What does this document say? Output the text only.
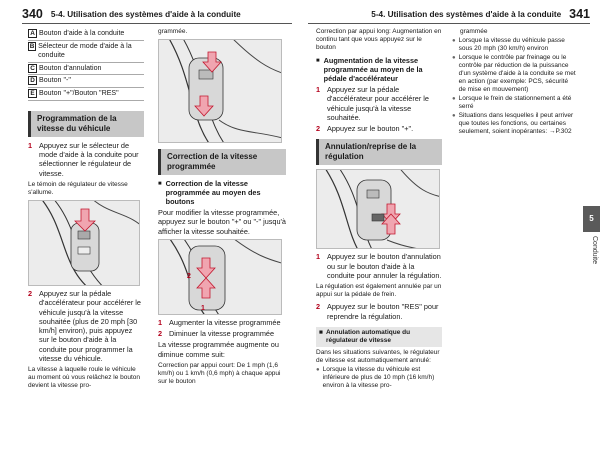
340 5-4. Utilisation des systèmes d'aide à la conduite
A Bouton d'aide à la conduite
B Sélecteur de mode d'aide à la conduite
C Bouton d'annulation
D Bouton "-"
E Bouton "+"/Bouton "RES"
Programmation de la vitesse du véhicule
1 Appuyez sur le sélecteur de mode d'aide à la conduite pour sélectionner le régulateur de vitesse.
Le témoin de régulateur de vitesse s'allume.
2 Appuyez sur la pédale d'accélérateur pour accélérer le véhicule jusqu'à la vitesse souhaitée (plus de 20 mph [30 km/h] environ), puis appuyez sur le bouton d'aide à la conduite pour programmer la vitesse du véhicule.
La vitesse à laquelle roule le véhicule au moment où vous relâchez le bouton devient la vitesse pro-
grammée.
Correction de la vitesse programmée
■ Correction de la vitesse programmée au moyen des boutons
Pour modifier la vitesse programmée, appuyez sur le bouton "+" ou "-" jusqu'à afficher la vitesse souhaitée.
1
2
1 Augmenter la vitesse programmée
2 Diminuer la vitesse programmée
La vitesse programmée augmente ou diminue comme suit:
Correction par appui court: De 1 mph (1,6 km/h) ou 1 km/h (0,6 mph) à chaque appui sur le bouton
5-4. Utilisation des systèmes d'aide à la conduite 341
Correction par appui long: Augmentation en continu tant que vous appuyez sur le bouton
■ Augmentation de la vitesse programmée au moyen de la pédale d'accélérateur
1 Appuyez sur la pédale d'accélérateur pour accélérer le véhicule jusqu'à la vitesse souhaitée.
2 Appuyez sur le bouton "+".
Annulation/reprise de la régulation
1 Appuyez sur le bouton d'annulation ou sur le bouton d'aide à la conduite pour annuler la régulation.
La régulation est également annulée par un appui sur la pédale de frein.
2 Appuyez sur le bouton "RES" pour reprendre la régulation.
■ Annulation automatique du régulateur de vitesse
Dans les situations suivantes, le régulateur de vitesse est automatiquement annulé:
● Lorsque la vitesse du véhicule est inférieure de plus de 10 mph (16 km/h) environ à la vitesse pro-
grammée
● Lorsque la vitesse du véhicule passe sous 20 mph (30 km/h) environ
● Lorsque le contrôle par freinage ou le contrôle par réduction de la puissance d'un système d'aide à la conduite se met en action (par exemple: PCS, sécurité de mise en mouvement)
● Lorsque le frein de stationnement a été serré
● Situations dans lesquelles il peut arriver que toutes les fonctions, ou certaines seulement, soient inopérantes: →P.302
5
Conduite
